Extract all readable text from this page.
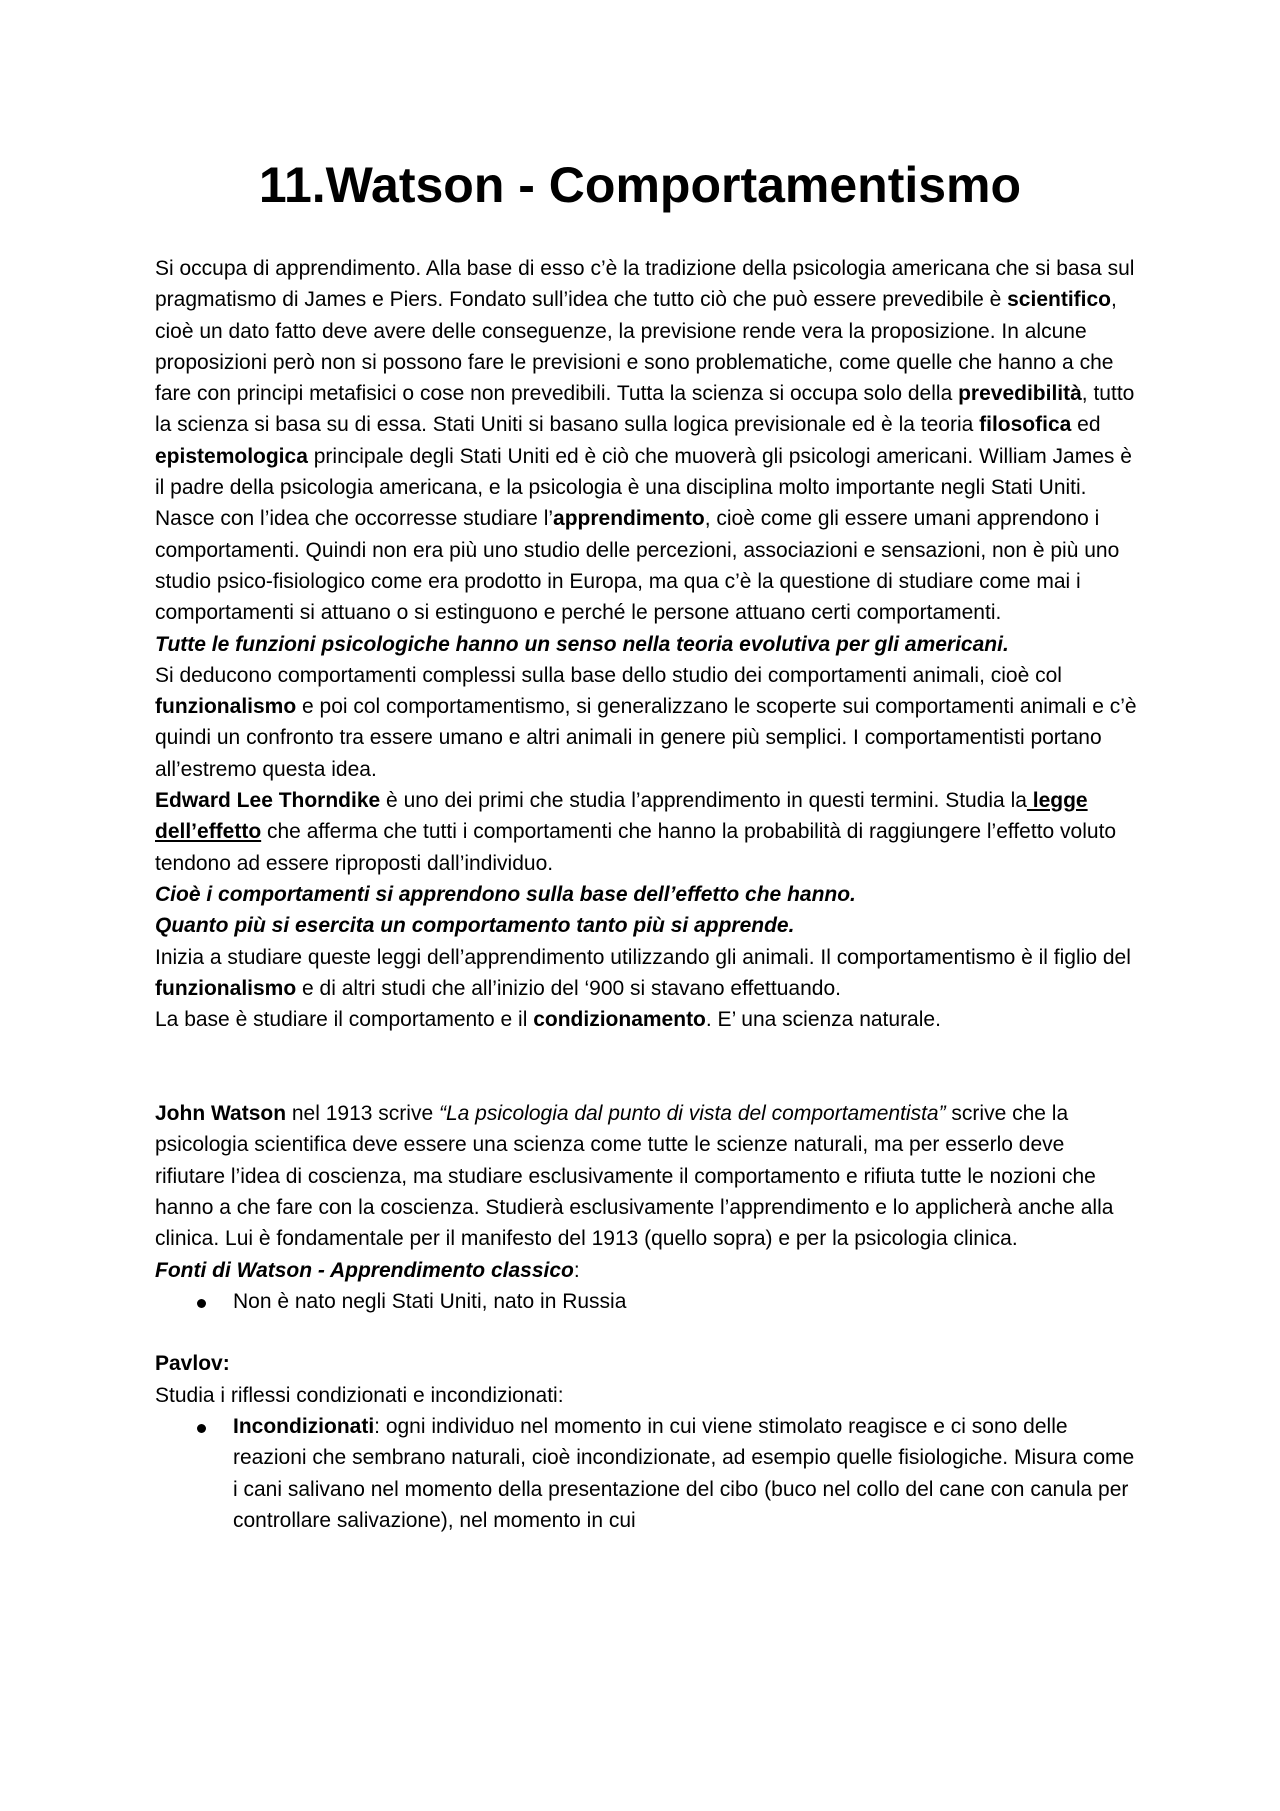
11.Watson - Comportamentismo

Si occupa di apprendimento. Alla base di esso c’è la tradizione della psicologia americana che si basa sul pragmatismo di James e Piers. Fondato sull’idea che tutto ciò che può essere prevedibile è scientifico, cioè un dato fatto deve avere delle conseguenze, la previsione rende vera la proposizione. In alcune proposizioni però non si possono fare le previsioni e sono problematiche, come quelle che hanno a che fare con principi metafisici o cose non prevedibili. Tutta la scienza si occupa solo della prevedibilità, tutto la scienza si basa su di essa. Stati Uniti si basano sulla logica previsionale ed è la teoria filosofica ed epistemologica principale degli Stati Uniti ed è ciò che muoverà gli psicologi americani. William James è il padre della psicologia americana, e la psicologia è una disciplina molto importante negli Stati Uniti.

Nasce con l’idea che occorresse studiare l’apprendimento, cioè come gli essere umani apprendono i comportamenti. Quindi non era più uno studio delle percezioni, associazioni e sensazioni, non è più uno studio psico-fisiologico come era prodotto in Europa, ma qua c’è la questione di studiare come mai i comportamenti si attuano o si estinguono e perché le persone attuano certi comportamenti.

Tutte le funzioni psicologiche hanno un senso nella teoria evolutiva per gli americani.

Si deducono comportamenti complessi sulla base dello studio dei comportamenti animali, cioè col funzionalismo e poi col comportamentismo, si generalizzano le scoperte sui comportamenti animali e c’è quindi un confronto tra essere umano e altri animali in genere più semplici. I comportamentisti portano all’estremo questa idea.

Edward Lee Thorndike è uno dei primi che studia l’apprendimento in questi termini. Studia la legge dell’effetto che afferma che tutti i comportamenti che hanno la probabilità di raggiungere l’effetto voluto tendono ad essere riproposti dall’individuo.

Cioè i comportamenti si apprendono sulla base dell’effetto che hanno.

Quanto più si esercita un comportamento tanto più si apprende.

Inizia a studiare queste leggi dell’apprendimento utilizzando gli animali. Il comportamentismo è il figlio del funzionalismo e di altri studi che all’inizio del ‘900 si stavano effettuando.

La base è studiare il comportamento e il condizionamento. E’ una scienza naturale.

John Watson nel 1913 scrive “La psicologia dal punto di vista del comportamentista” scrive che la psicologia scientifica deve essere una scienza come tutte le scienze naturali, ma per esserlo deve rifiutare l’idea di coscienza, ma studiare esclusivamente il comportamento e rifiuta tutte le nozioni che hanno a che fare con la coscienza. Studierà esclusivamente l’apprendimento e lo applicherà anche alla clinica. Lui è fondamentale per il manifesto del 1913 (quello sopra) e per la psicologia clinica.

Fonti di Watson - Apprendimento classico:

Non è nato negli Stati Uniti, nato in Russia

Pavlov:

Studia i riflessi condizionati e incondizionati:

Incondizionati: ogni individuo nel momento in cui viene stimolato reagisce e ci sono delle reazioni che sembrano naturali, cioè incondizionate, ad esempio quelle fisiologiche. Misura come i cani salivano nel momento della presentazione del cibo (buco nel collo del cane con canula per controllare salivazione), nel momento in cui
